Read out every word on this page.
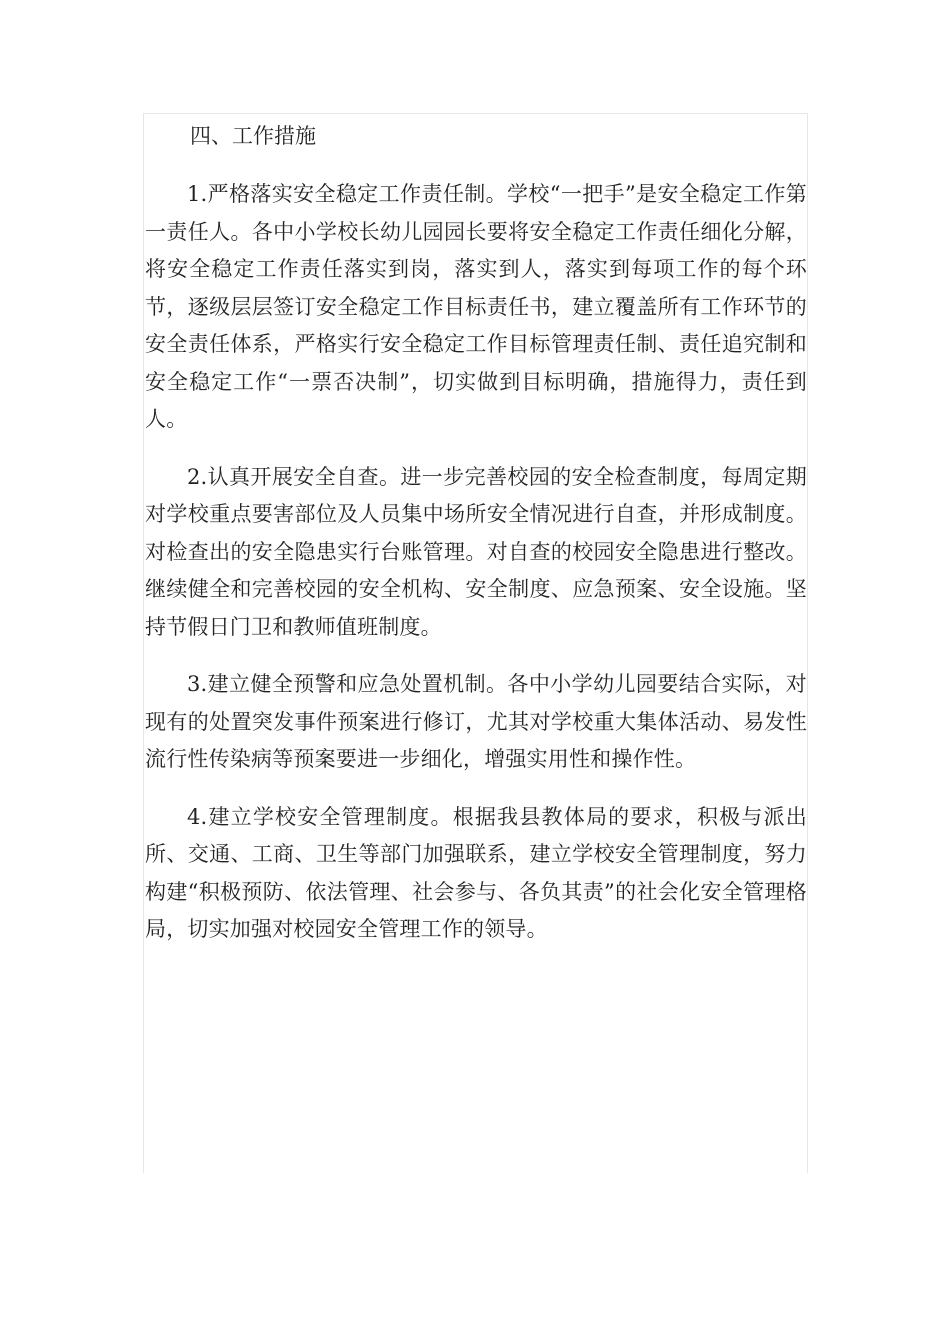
四、工作措施

1.严格落实安全稳定工作责任制。学校“一把手”是安全稳定工作第一责任人。各中小学校长幼儿园园长要将安全稳定工作责任细化分解，将安全稳定工作责任落实到岗，落实到人，落实到每项工作的每个环节，逐级层层签订安全稳定工作目标责任书，建立覆盖所有工作环节的安全责任体系，严格实行安全稳定工作目标管理责任制、责任追究制和安全稳定工作“一票否决制”，切实做到目标明确，措施得力，责任到人。

2.认真开展安全自查。进一步完善校园的安全检查制度，每周定期对学校重点要害部位及人员集中场所安全情况进行自查，并形成制度。对检查出的安全隐患实行台账管理。对自查的校园安全隐患进行整改。继续健全和完善校园的安全机构、安全制度、应急预案、安全设施。坚持节假日门卫和教师值班制度。

3.建立健全预警和应急处置机制。各中小学幼儿园要结合实际，对现有的处置突发事件预案进行修订，尤其对学校重大集体活动、易发性流行性传染病等预案要进一步细化，增强实用性和操作性。

4.建立学校安全管理制度。根据我县教体局的要求，积极与派出所、交通、工商、卫生等部门加强联系，建立学校安全管理制度，努力构建“积极预防、依法管理、社会参与、各负其责”的社会化安全管理格局，切实加强对校园安全管理工作的领导。
